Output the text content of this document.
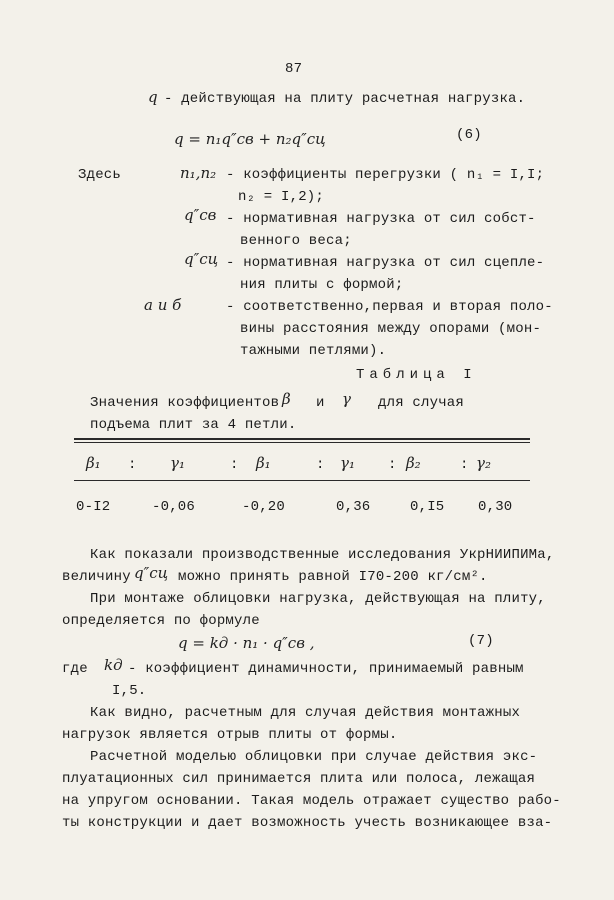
87
q - действующая на плиту расчетная нагрузка.
q = n₁q″св + n₂q″сц	(6)
Здесь	n₁,n₂ - коэффициенты перегрузки ( n₁ = I,I;
n₂ = I,2);
q″св - нормативная нагрузка от сил собст-
венного веса;
q″сц - нормативная нагрузка от сил сцепле-
ния плиты с формой;
a и б	- соответственно,первая и вторая поло-
вины расстояния между опорами (мон-
тажными петлями).
Таблица I
Значения коэффициентов β и γ для случая
подъема плит за 4 петли.
β₁ : γ₁	: β₁	: γ₁ : β₂	: γ₂
0-I2	-0,06	-0,20	0,36	0,I5 0,30
Как показали производственные исследования УкрНИИПИМа,
величину q″сц можно принять равной I70-200 кг/см².
При монтаже облицовки нагрузка, действующая на плиту,
определяется по формуле
q = kд · n₁ · q″св ,	(7)
где kд - коэффициент динамичности, принимаемый равным
I,5.
Как видно, расчетным для случая действия монтажных
нагрузок является отрыв плиты от формы.
Расчетной моделью облицовки при случае действия экс-
плуатационных сил принимается плита или полоса, лежащая
на упругом основании. Такая модель отражает существо рабо-
ты конструкции и дает возможность учесть возникающее вза-
